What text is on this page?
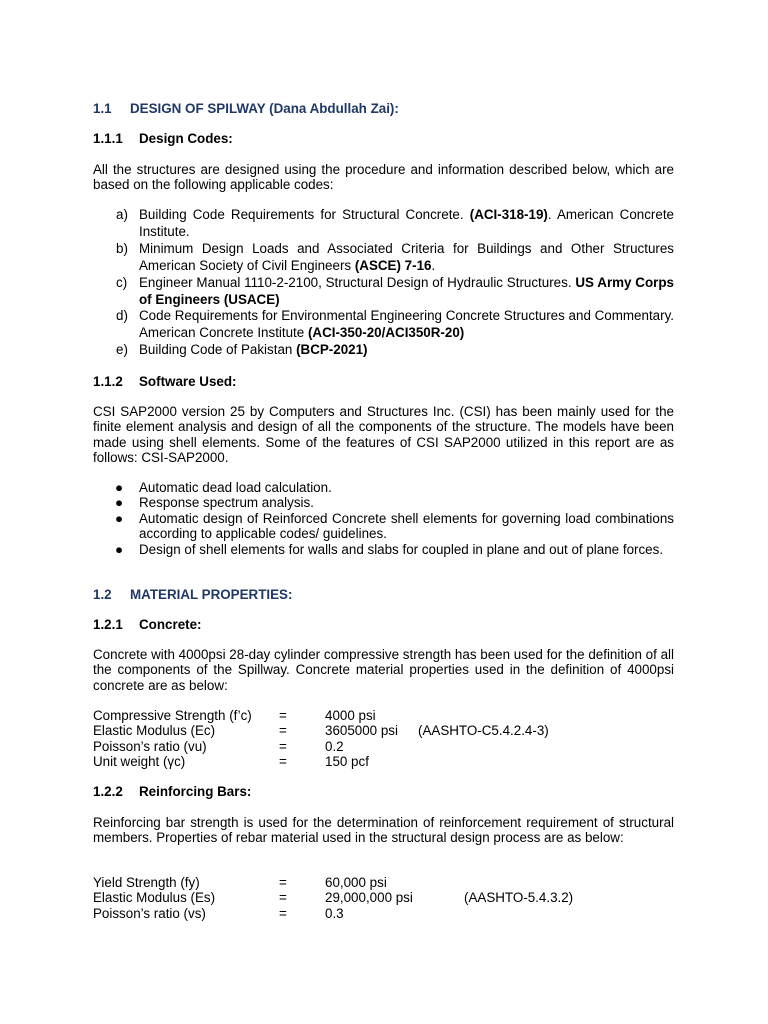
1.1 DESIGN OF SPILWAY (Dana Abdullah Zai):
1.1.1 Design Codes:

All the structures are designed using the procedure and information described below, which are based on the following applicable codes:

a) Building Code Requirements for Structural Concrete. (ACI-318-19). American Concrete Institute.
b) Minimum Design Loads and Associated Criteria for Buildings and Other Structures American Society of Civil Engineers (ASCE) 7-16.
c) Engineer Manual 1110-2-2100, Structural Design of Hydraulic Structures. US Army Corps of Engineers (USACE)
d) Code Requirements for Environmental Engineering Concrete Structures and Commentary. American Concrete Institute (ACI-350-20/ACI350R-20)
e) Building Code of Pakistan (BCP-2021)
1.1.2 Software Used:

CSI SAP2000 version 25 by Computers and Structures Inc. (CSI) has been mainly used for the finite element analysis and design of all the components of the structure. The models have been made using shell elements. Some of the features of CSI SAP2000 utilized in this report are as follows: CSI-SAP2000.

● Automatic dead load calculation.
● Response spectrum analysis.
● Automatic design of Reinforced Concrete shell elements for governing load combinations according to applicable codes/ guidelines.
● Design of shell elements for walls and slabs for coupled in plane and out of plane forces.
1.2 MATERIAL PROPERTIES:
1.2.1 Concrete:

Concrete with 4000psi 28-day cylinder compressive strength has been used for the definition of all the components of the Spillway. Concrete material properties used in the definition of 4000psi concrete are as below:

Compressive Strength (f’c) =	4000 psi
Elastic Modulus (Ec)	=	3605000 psi (AASHTO-C5.4.2.4-3)
Poisson’s ratio (vu)	=	0.2
Unit weight (γc)	=	150 pcf
1.2.2 Reinforcing Bars:

Reinforcing bar strength is used for the determination of reinforcement requirement of structural members. Properties of rebar material used in the structural design process are as below:

Yield Strength (fy)	=	60,000 psi
Elastic Modulus (Es)	=	29,000,000 psi	(AASHTO-5.4.3.2)
Poisson’s ratio (vs)	=	0.3
